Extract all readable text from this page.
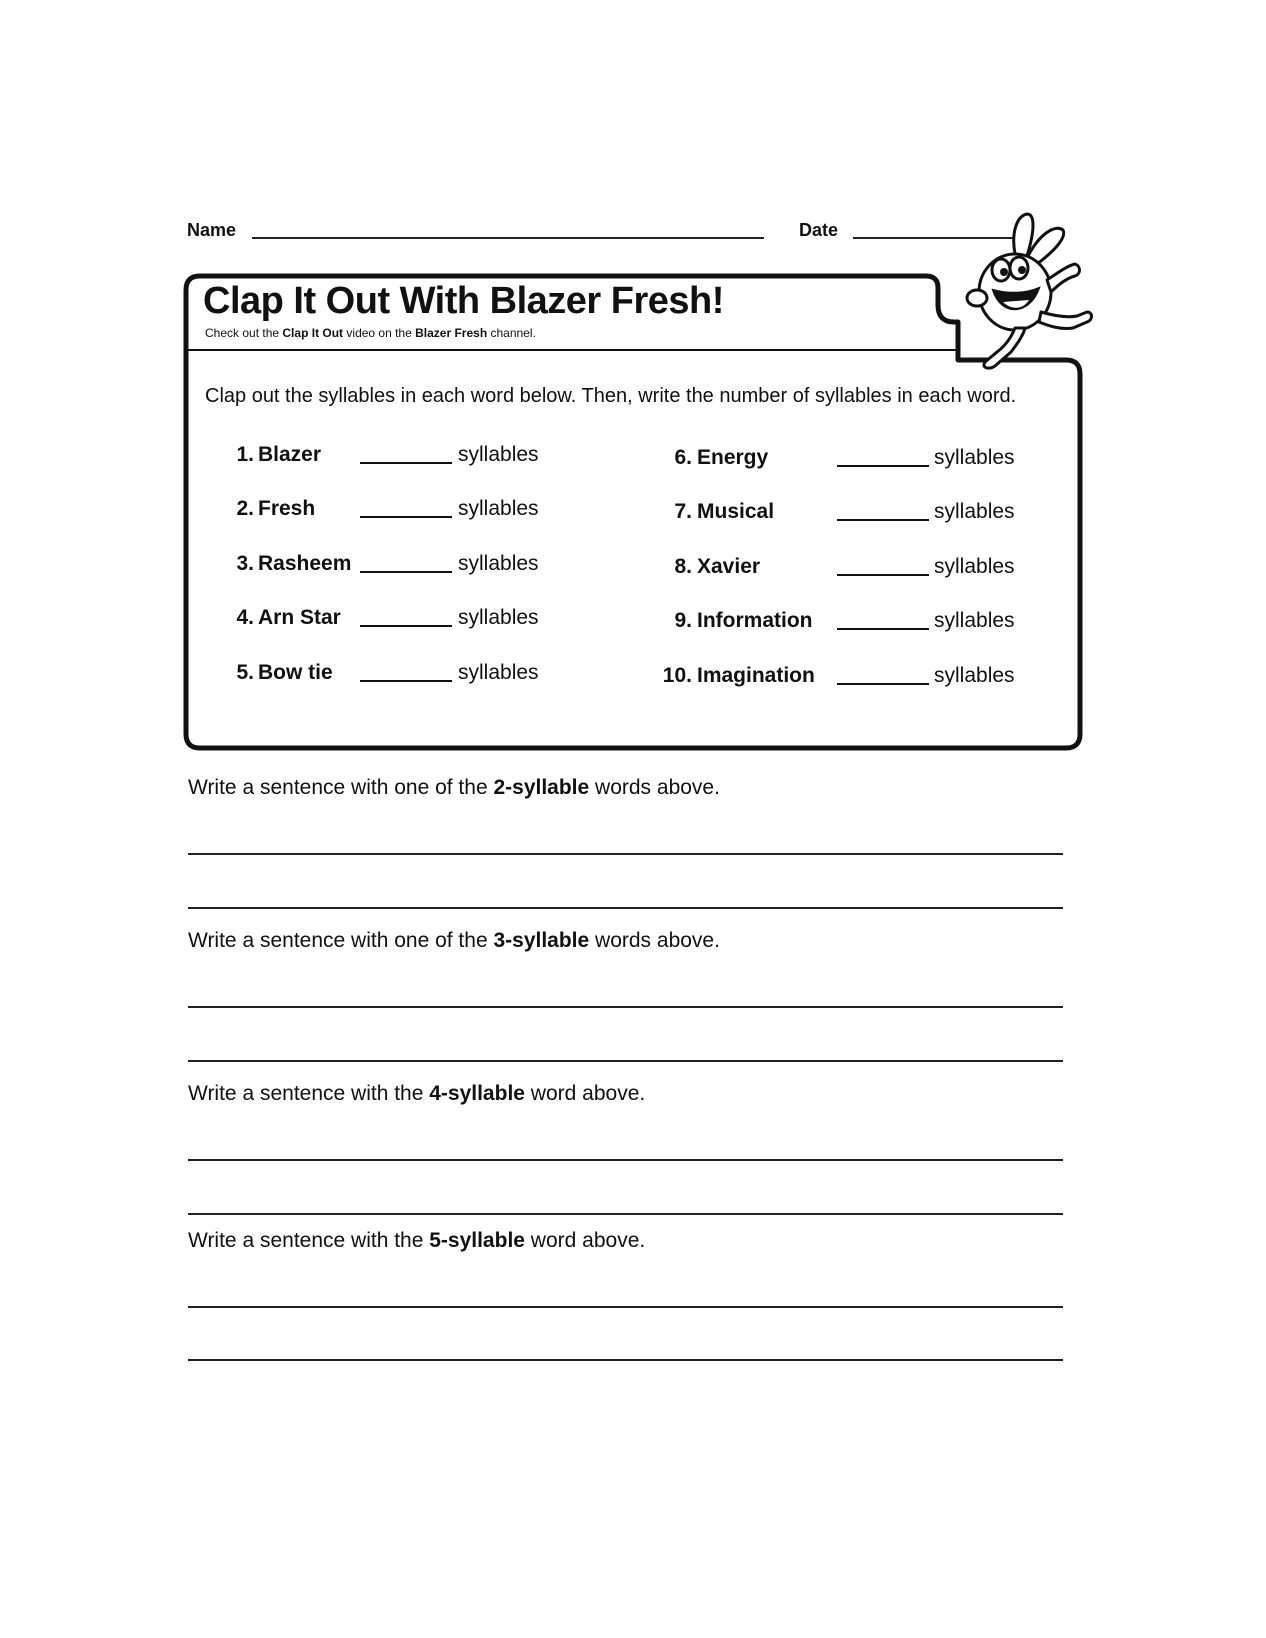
Name	Date
Clap It Out With Blazer Fresh!
Check out the Clap It Out video on the Blazer Fresh channel.
Clap out the syllables in each word below. Then, write the number of syllables in each word.
1. Blazer	syllables
2. Fresh	syllables
3. Rasheem	syllables
4. Arn Star	syllables
5. Bow tie	syllables
6. Energy	syllables
7. Musical	syllables
8. Xavier	syllables
9. Information	syllables
10. Imagination	syllables
Write a sentence with one of the 2-syllable words above.
Write a sentence with one of the 3-syllable words above.
Write a sentence with the 4-syllable word above.
Write a sentence with the 5-syllable word above.
